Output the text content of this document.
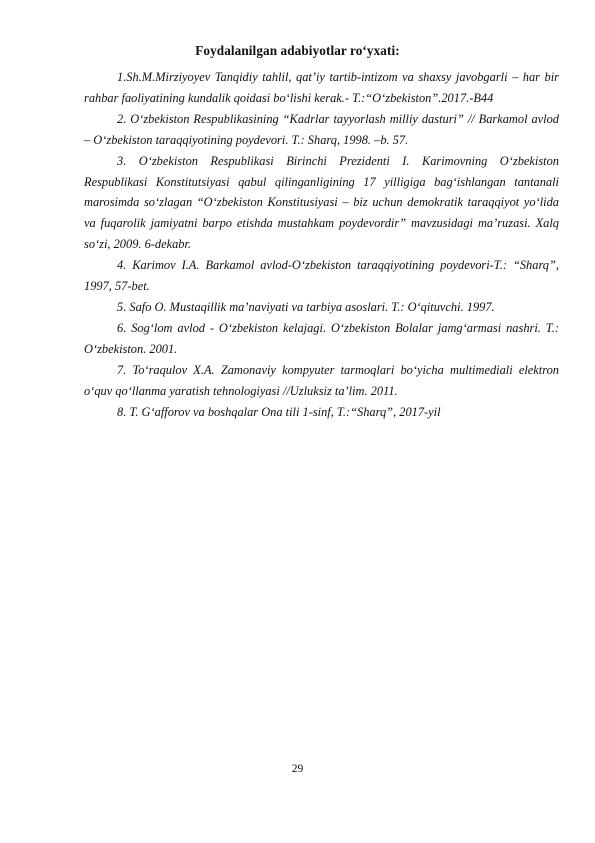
Foydalanilgan adabiyotlar ro‘yxati:

1.Sh.M.Mirziyoyev Tanqidiy tahlil, qat’iy tartib-intizom va shaxsy javobgarli – har bir rahbar faoliyatining kundalik qoidasi bo‘lishi kerak.- T.:“O‘zbekiston”.2017.-B44

2. O‘zbekiston Respublikasining “Kadrlar tayyorlash milliy dasturi” // Barkamol avlod – O‘zbekiston taraqqiyotining poydevori. T.: Sharq, 1998. –b. 57.

3. O‘zbekiston Respublikasi Birinchi Prezidenti I. Karimovning O‘zbekiston Respublikasi Konstitutsiyasi qabul qilinganligining 17 yilligiga bag‘ishlangan tantanali marosimda so‘zlagan “O‘zbekiston Konstitusiyasi – biz uchun demokratik taraqqiyot yo‘lida va fuqarolik jamiyatni barpo etishda mustahkam poydevordir” mavzusidagi ma’ruzasi. Xalq so‘zi, 2009. 6-dekabr.

4. Karimov I.A. Barkamol avlod-O‘zbekiston taraqqiyotining poydevori-T.: “Sharq”, 1997, 57-bet.

5. Safo O. Mustaqillik ma’naviyati va tarbiya asoslari. T.: O‘qituvchi. 1997.

6. Sog‘lom avlod - O‘zbekiston kelajagi. O‘zbekiston Bolalar jamg‘armasi nashri. T.: O‘zbekiston. 2001.

7. To‘raqulov X.A. Zamonaviy kompyuter tarmoqlari bo‘yicha multimediali elektron o‘quv qo‘llanma yaratish tehnologiyasi //Uzluksiz ta’lim. 2011.

8. T. G‘afforov va boshqalar Ona tili 1-sinf, T.:“Sharq”, 2017-yil

29
